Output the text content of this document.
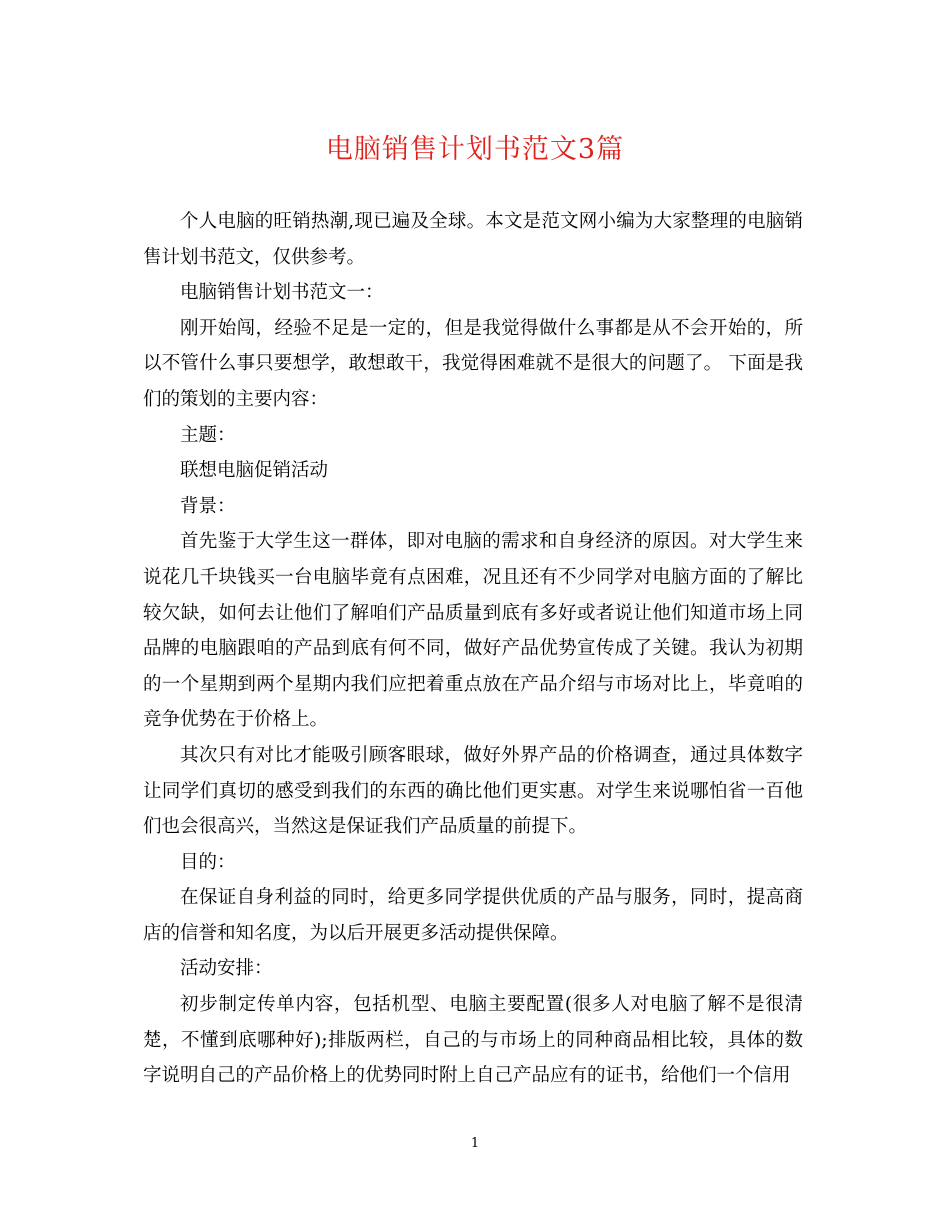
电脑销售计划书范文3篇

个人电脑的旺销热潮,现已遍及全球。本文是范文网小编为大家整理的电脑销售计划书范文，仅供参考。

电脑销售计划书范文一：

刚开始闯，经验不足是一定的，但是我觉得做什么事都是从不会开始的，所以不管什么事只要想学，敢想敢干，我觉得困难就不是很大的问题了。 下面是我们的策划的主要内容：

主题：

联想电脑促销活动

背景：

首先鉴于大学生这一群体，即对电脑的需求和自身经济的原因。对大学生来说花几千块钱买一台电脑毕竟有点困难，况且还有不少同学对电脑方面的了解比较欠缺，如何去让他们了解咱们产品质量到底有多好或者说让他们知道市场上同品牌的电脑跟咱的产品到底有何不同，做好产品优势宣传成了关键。我认为初期的一个星期到两个星期内我们应把着重点放在产品介绍与市场对比上，毕竟咱的竞争优势在于价格上。

其次只有对比才能吸引顾客眼球，做好外界产品的价格调查，通过具体数字让同学们真切的感受到我们的东西的确比他们更实惠。对学生来说哪怕省一百他们也会很高兴，当然这是保证我们产品质量的前提下。

目的：

在保证自身利益的同时，给更多同学提供优质的产品与服务，同时，提高商店的信誉和知名度，为以后开展更多活动提供保障。

活动安排：

初步制定传单内容，包括机型、电脑主要配置(很多人对电脑了解不是很清楚，不懂到底哪种好);排版两栏，自己的与市场上的同种商品相比较，具体的数字说明自己的产品价格上的优势同时附上自己产品应有的证书，给他们一个信用

1
